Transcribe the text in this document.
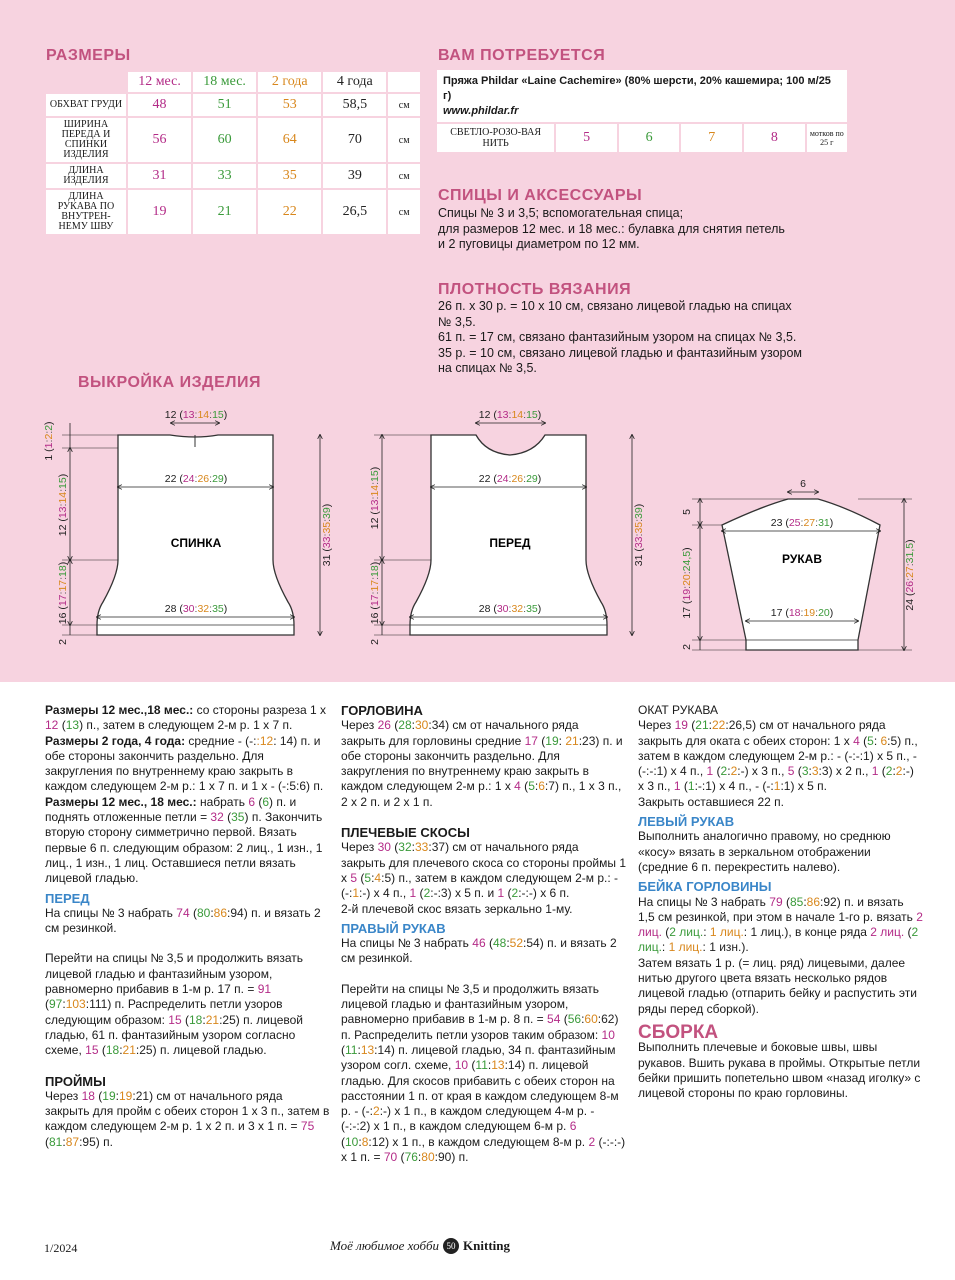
РАЗМЕРЫ
	12 мес.	18 мес.	2 года	4 года	
ОБХВАТ ГРУДИ	48	51	53	58,5	см
ШИРИНА ПЕРЕДА И СПИНКИ ИЗДЕЛИЯ	56	60	64	70	см
ДЛИНА ИЗДЕЛИЯ	31	33	35	39	см
ДЛИНА РУКАВА ПО ВНУТРЕН-НЕМУ ШВУ	19	21	22	26,5	см
ВАМ ПОТРЕБУЕТСЯ
Пряжа Phildar «Laine Cachemire» (80% шерсти, 20% кашемира; 100 м/25 г)
www.phildar.fr
СВЕТЛО-РОЗО-ВАЯ НИТЬ	5	6	7	8	мотков по 25 г
СПИЦЫ И АКСЕССУАРЫ
Спицы № 3 и 3,5; вспомогательная спица;
для размеров 12 мес. и 18 мес.: булавка для снятия петель
и 2 пуговицы диаметром по 12 мм.
ПЛОТНОСТЬ ВЯЗАНИЯ
26 п. х 30 р. = 10 х 10 см, связано лицевой гладью на спицах
№ 3,5.
61 п. = 17 см, связано фантазийным узором на спицах № 3,5.
35 р. = 10 см, связано лицевой гладью и фантазийным узором
на спицах № 3,5.
ВЫКРОЙКА ИЗДЕЛИЯ
СПИНКА	ПЕРЕД
РУКАВ
12 (13:14:15)
22 (24:26:29)
28 (30:32:35)
31 (33:35:39)
1 (1:2:2)
12 (13:14:15)
16 (17:17:18)
2
12 (13:14:15)
22 (24:26:29)
28 (30:32:35)
31 (33:35:39)
12 (13:14:15)
16 (17:17:18)
2
6
23 (25:27:31)
17 (18:19:20)
5
17 (19:20:24,5)
2
24 (26:27:31,5)

Размеры 12 мес.,18 мес.: со стороны разреза 1 х 12 (13) п., затем в следующем 2-м р. 1 х 7 п.

Размеры 2 года, 4 года: средние - (-::12: 14) п. и обе стороны закончить раздельно. Для закругления по внутреннему краю закрыть в каждом следующем 2-м р.: 1 х 7 п. и 1 х - (-:5:6) п.

Размеры 12 мес., 18 мес.: набрать 6 (6) п. и поднять отложенные петли = 32 (35) п. Закончить вторую сторону симметрично первой. Вязать первые 6 п. следующим образом: 2 лиц., 1 изн., 1 лиц., 1 изн., 1 лиц. Оставшиеся петли вязать лицевой гладью.

ПЕРЕД

На спицы № 3 набрать 74 (80:86:94) п. и вязать 2 см резинкой.

Перейти на спицы № 3,5 и продолжить вязать лицевой гладью и фантазийным узором, равномерно прибавив в 1-м р. 17 п. = 91 (97:103:111) п. Распределить петли узоров следующим образом: 15 (18:21:25) п. лицевой гладью, 61 п. фантазийным узором согласно схеме, 15 (18:21:25) п. лицевой гладью.

ПРОЙМЫ

Через 18 (19:19:21) см от начального ряда закрыть для пройм с обеих сторон 1 х 3 п., затем в каждом следующем 2-м р. 1 х 2 п. и 3 х 1 п. = 75 (81:87:95) п.

ГОРЛОВИНА

Через 26 (28:30:34) см от начального ряда закрыть для горловины средние 17 (19: 21:23) п. и обе стороны закончить раздельно. Для закругления по внутреннему краю закрыть в каждом следующем 2-м р.: 1 х 4 (5:6:7) п., 1 х 3 п., 2 х 2 п. и 2 х 1 п.

ПЛЕЧЕВЫЕ СКОСЫ

Через 30 (32:33:37) см от начального ряда закрыть для плечевого скоса со стороны проймы 1 х 5 (5:4:5) п., затем в каждом следующем 2-м р.: - (-:1:-) х 4 п., 1 (2:-:3) х 5 п. и 1 (2:-:-) х 6 п.

2-й плечевой скос вязать зеркально 1-му.

ПРАВЫЙ РУКАВ

На спицы № 3 набрать 46 (48:52:54) п. и вязать 2 см резинкой.

Перейти на спицы № 3,5 и продолжить вязать лицевой гладью и фантазийным узором, равномерно прибавив в 1-м р. 8 п. = 54 (56:60:62) п. Распределить петли узоров таким образом: 10 (11:13:14) п. лицевой гладью, 34 п. фантазийным узором согл. схеме, 10 (11:13:14) п. лицевой гладью. Для скосов прибавить с обеих сторон на расстоянии 1 п. от края в каждом следующем 8-м р. - (-:2:-) х 1 п., в каждом следующем 4-м р. - (-:-:2) х 1 п., в каждом следующем 6-м р. 6 (10:8:12) х 1 п., в каждом следующем 8-м р. 2 (-:-:-) х 1 п. = 70 (76:80:90) п.

ОКАТ РУКАВА

Через 19 (21:22:26,5) см от начального ряда закрыть для оката с обеих сторон: 1 х 4 (5: 6:5) п., затем в каждом следующем 2-м р.: - (-:-:1) х 5 п., - (-:-:1) х 4 п., 1 (2:2:-) х 3 п., 5 (3:3:3) х 2 п., 1 (2:2:-) х 3 п., 1 (1:-:1) х 4 п., - (-:1:1) х 5 п.

Закрыть оставшиеся 22 п.

ЛЕВЫЙ РУКАВ

Выполнить аналогично правому, но среднюю «косу» вязать в зеркальном отображении (средние 6 п. перекрестить налево).

БЕЙКА ГОРЛОВИНЫ

На спицы № 3 набрать 79 (85:86:92) п. и вязать 1,5 см резинкой, при этом в начале 1-го р. вязать 2 лиц. (2 лиц.: 1 лиц.: 1 лиц.), в конце ряда 2 лиц. (2 лиц.: 1 лиц.: 1 изн.).

Затем вязать 1 р. (= лиц. ряд) лицевыми, далее нитью другого цвета вязать несколько рядов лицевой гладью (отпарить бейку и распустить эти ряды перед сборкой).

СБОРКА

Выполнить плечевые и боковые швы, швы рукавов. Вшить рукава в проймы. Открытые петли бейки пришить попетельно швом «назад иголку» с лицевой стороны по краю горловины.

1/2024	Моё любимое хобби 50 Knitting
